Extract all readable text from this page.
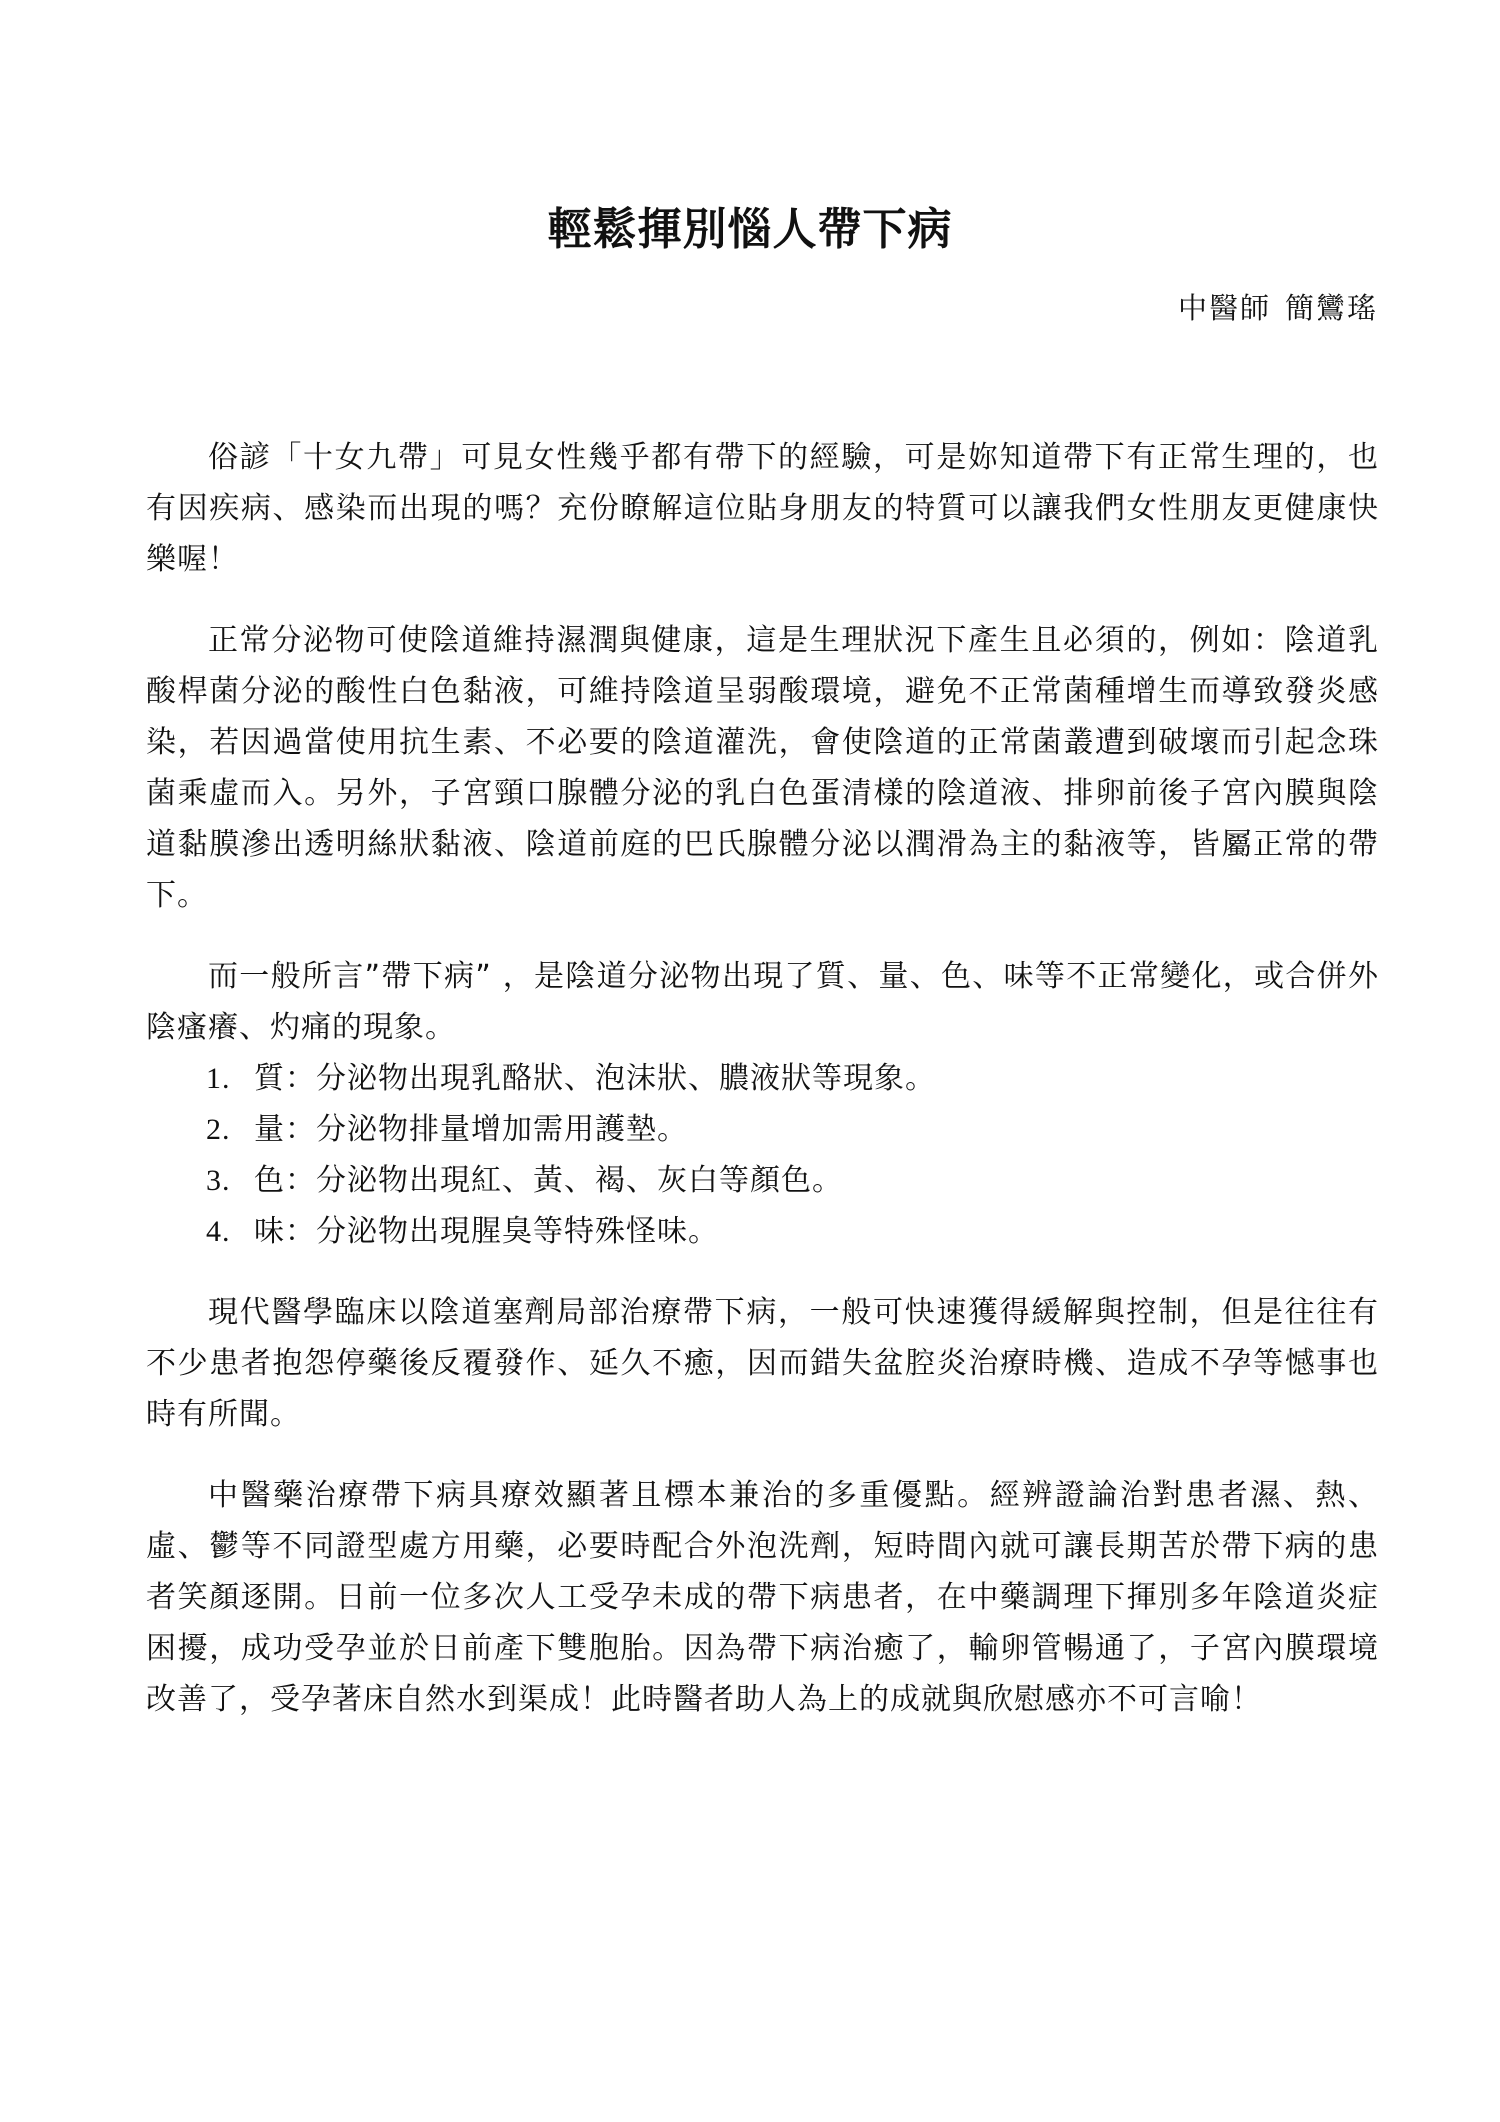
輕鬆揮別惱人帶下病

中醫師 簡鸞瑤

俗諺「十女九帶」可見女性幾乎都有帶下的經驗，可是妳知道帶下有正常生理的，也有因疾病、感染而出現的嗎？充份瞭解這位貼身朋友的特質可以讓我們女性朋友更健康快樂喔！

正常分泌物可使陰道維持濕潤與健康，這是生理狀況下產生且必須的，例如：陰道乳酸桿菌分泌的酸性白色黏液，可維持陰道呈弱酸環境，避免不正常菌種增生而導致發炎感染，若因過當使用抗生素、不必要的陰道灌洗，會使陰道的正常菌叢遭到破壞而引起念珠菌乘虛而入。另外，子宮頸口腺體分泌的乳白色蛋清樣的陰道液、排卵前後子宮內膜與陰道黏膜滲出透明絲狀黏液、陰道前庭的巴氏腺體分泌以潤滑為主的黏液等，皆屬正常的帶下。

而一般所言”帶下病” ，是陰道分泌物出現了質、量、色、味等不正常變化，或合併外陰瘙癢、灼痛的現象。

1. 質：分泌物出現乳酪狀、泡沫狀、膿液狀等現象。
2. 量：分泌物排量增加需用護墊。
3. 色：分泌物出現紅、黃、褐、灰白等顏色。
4. 味：分泌物出現腥臭等特殊怪味。

現代醫學臨床以陰道塞劑局部治療帶下病，一般可快速獲得緩解與控制，但是往往有不少患者抱怨停藥後反覆發作、延久不癒，因而錯失盆腔炎治療時機、造成不孕等憾事也時有所聞。

中醫藥治療帶下病具療效顯著且標本兼治的多重優點。經辨證論治對患者濕、熱、虛、鬱等不同證型處方用藥，必要時配合外泡洗劑，短時間內就可讓長期苦於帶下病的患者笑顏逐開。日前一位多次人工受孕未成的帶下病患者，在中藥調理下揮別多年陰道炎症困擾，成功受孕並於日前產下雙胞胎。因為帶下病治癒了，輸卵管暢通了，子宮內膜環境改善了，受孕著床自然水到渠成！此時醫者助人為上的成就與欣慰感亦不可言喻！
